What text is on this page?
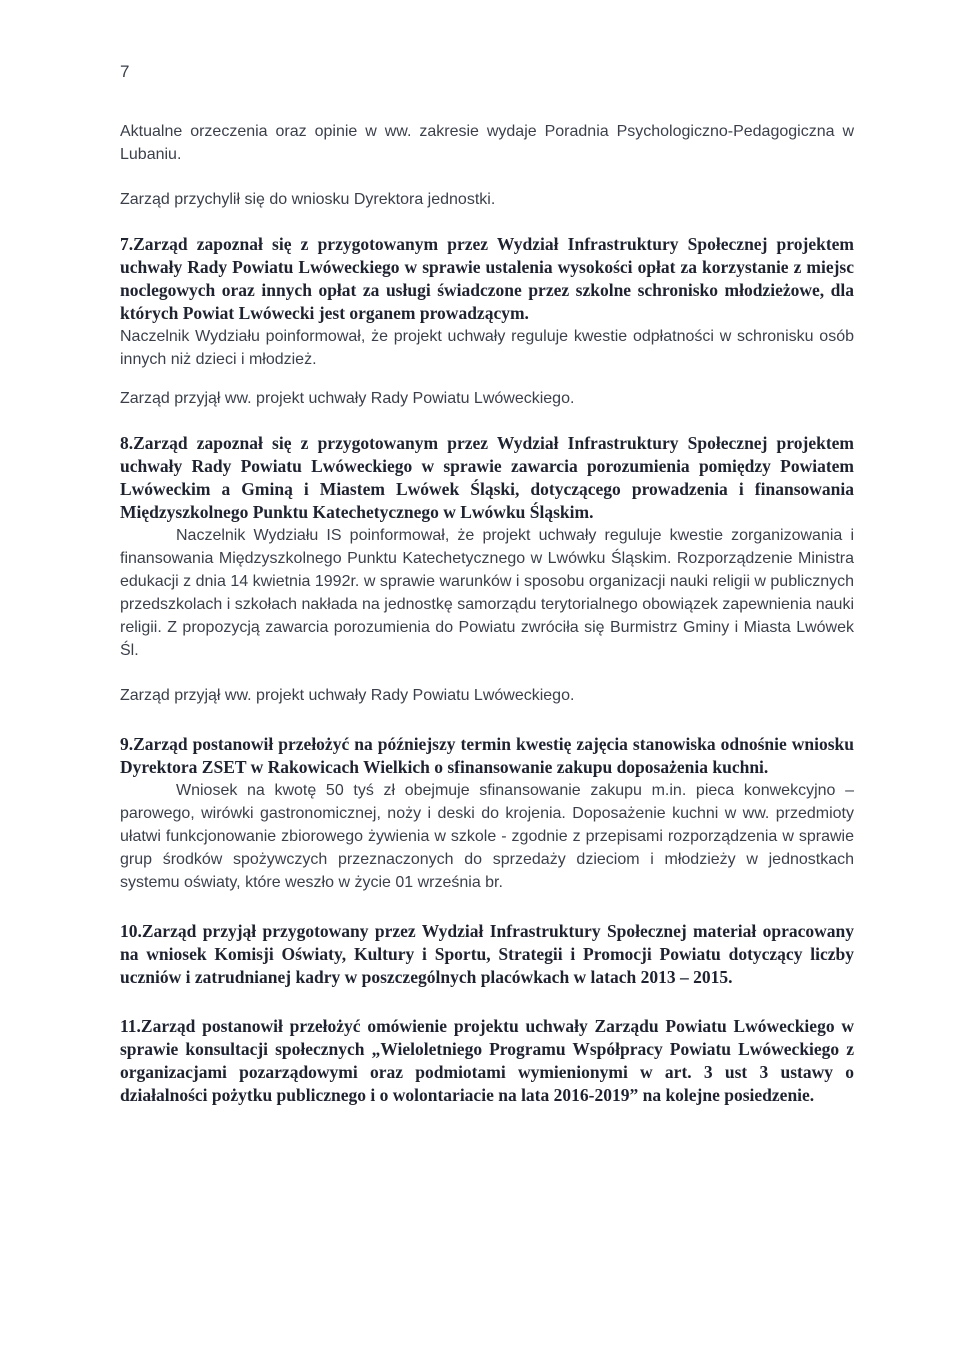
7

Aktualne orzeczenia oraz opinie w ww. zakresie wydaje Poradnia Psychologiczno-Pedagogiczna w Lubaniu.

Zarząd przychylił się do wniosku Dyrektora jednostki.

7.Zarząd zapoznał się z przygotowanym przez Wydział Infrastruktury Społecznej projektem uchwały Rady Powiatu Lwóweckiego w sprawie ustalenia wysokości opłat za korzystanie z miejsc noclegowych oraz innych opłat za usługi świadczone przez szkolne schronisko młodzieżowe, dla których Powiat Lwówecki jest organem prowadzącym.

Naczelnik Wydziału poinformował, że projekt uchwały reguluje kwestie odpłatności w schronisku osób innych niż dzieci i młodzież.

Zarząd przyjął ww. projekt uchwały Rady Powiatu Lwóweckiego.

8.Zarząd zapoznał się z przygotowanym przez Wydział Infrastruktury Społecznej projektem uchwały Rady Powiatu Lwóweckiego w sprawie zawarcia porozumienia pomiędzy Powiatem Lwóweckim a Gminą i Miastem Lwówek Śląski, dotyczącego prowadzenia i finansowania Międzyszkolnego Punktu Katechetycznego w Lwówku Śląskim.

Naczelnik Wydziału IS poinformował, że projekt uchwały reguluje kwestie zorganizowania i finansowania Międzyszkolnego Punktu Katechetycznego w Lwówku Śląskim. Rozporządzenie Ministra edukacji z dnia 14 kwietnia 1992r. w sprawie warunków i sposobu organizacji nauki religii w publicznych przedszkolach i szkołach nakłada na jednostkę samorządu terytorialnego obowiązek zapewnienia nauki religii. Z propozycją zawarcia porozumienia do Powiatu zwróciła się Burmistrz Gminy i Miasta Lwówek Śl.

Zarząd przyjął ww. projekt uchwały Rady Powiatu Lwóweckiego.

9.Zarząd postanowił przełożyć na późniejszy termin kwestię zajęcia stanowiska odnośnie wniosku Dyrektora ZSET w Rakowicach Wielkich o sfinansowanie zakupu doposażenia kuchni.

Wniosek na kwotę 50 tyś zł obejmuje sfinansowanie zakupu m.in. pieca konwekcyjno – parowego, wirówki gastronomicznej, noży i deski do krojenia. Doposażenie kuchni w ww. przedmioty ułatwi funkcjonowanie zbiorowego żywienia w szkole - zgodnie z przepisami rozporządzenia w sprawie grup środków spożywczych przeznaczonych do sprzedaży dzieciom i młodzieży w jednostkach systemu oświaty, które weszło w życie 01 września br.

10.Zarząd przyjął przygotowany przez Wydział Infrastruktury Społecznej materiał opracowany na wniosek Komisji Oświaty, Kultury i Sportu, Strategii i Promocji Powiatu dotyczący liczby uczniów i zatrudnianej kadry w poszczególnych placówkach w latach 2013 – 2015.

11.Zarząd postanowił przełożyć omówienie projektu uchwały Zarządu Powiatu Lwóweckiego w sprawie konsultacji społecznych „Wieloletniego Programu Współpracy Powiatu Lwóweckiego z organizacjami pozarządowymi oraz podmiotami wymienionymi w art. 3 ust 3 ustawy o działalności pożytku publicznego i o wolontariacie na lata 2016-2019” na kolejne posiedzenie.
